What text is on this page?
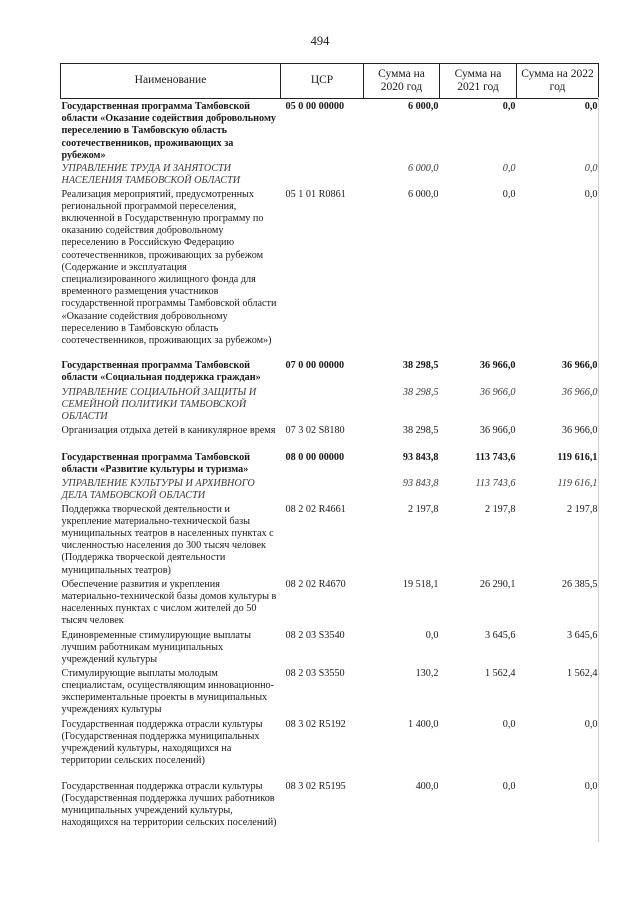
494
Наименование	ЦСР	Сумма на 2020 год	Сумма на 2021 год	Сумма на 2022 год
Государственная программа Тамбовской области «Оказание содействия добровольному переселению в Тамбовскую область соотечественников, проживающих за рубежом»	05 0 00 00000	6 000,0	0,0	0,0
УПРАВЛЕНИЕ ТРУДА И ЗАНЯТОСТИ НАСЕЛЕНИЯ ТАМБОВСКОЙ ОБЛАСТИ		6 000,0	0,0	0,0
Реализация мероприятий, предусмотренных региональной программой переселения, включенной в Государственную программу по оказанию содействия добровольному переселению в Российскую Федерацию соотечественников, проживающих за рубежом (Содержание и эксплуатация специализированного жилищного фонда для временного размещения участников государственной программы Тамбовской области «Оказание содействия добровольному переселению в Тамбовскую область соотечественников, проживающих за рубежом»)	05 1 01 R0861	6 000,0	0,0	0,0
Государственная программа Тамбовской области «Социальная поддержка граждан»	07 0 00 00000	38 298,5	36 966,0	36 966,0
УПРАВЛЕНИЕ СОЦИАЛЬНОЙ ЗАЩИТЫ И СЕМЕЙНОЙ ПОЛИТИКИ ТАМБОВСКОЙ ОБЛАСТИ		38 298,5	36 966,0	36 966,0
Организация отдыха детей в каникулярное время	07 3 02 S8180	38 298,5	36 966,0	36 966,0
Государственная программа Тамбовской области «Развитие культуры и туризма»	08 0 00 00000	93 843,8	113 743,6	119 616,1
УПРАВЛЕНИЕ КУЛЬТУРЫ И АРХИВНОГО ДЕЛА ТАМБОВСКОЙ ОБЛАСТИ		93 843,8	113 743,6	119 616,1
Поддержка творческой деятельности и укрепление материально-технической базы муниципальных театров в населенных пунктах с численностью населения до 300 тысяч человек (Поддержка творческой деятельности муниципальных театров)	08 2 02 R4661	2 197,8	2 197,8	2 197,8
Обеспечение развития и укрепления материально-технической базы домов культуры в населенных пунктах с числом жителей до 50 тысяч человек	08 2 02 R4670	19 518,1	26 290,1	26 385,5
Единовременные стимулирующие выплаты лучшим работникам муниципальных учреждений культуры	08 2 03 S3540	0,0	3 645,6	3 645,6
Стимулирующие выплаты молодым специалистам, осуществляющим инновационно-экспериментальные проекты в муниципальных учреждениях культуры	08 2 03 S3550	130,2	1 562,4	1 562,4
Государственная поддержка отрасли культуры (Государственная поддержка муниципальных учреждений культуры, находящихся на территории сельских поселений)	08 3 02 R5192	1 400,0	0,0	0,0
Государственная поддержка отрасли культуры (Государственная поддержка лучших работников муниципальных учреждений культуры, находящихся на территории сельских поселений)	08 3 02 R5195	400,0	0,0	0,0
